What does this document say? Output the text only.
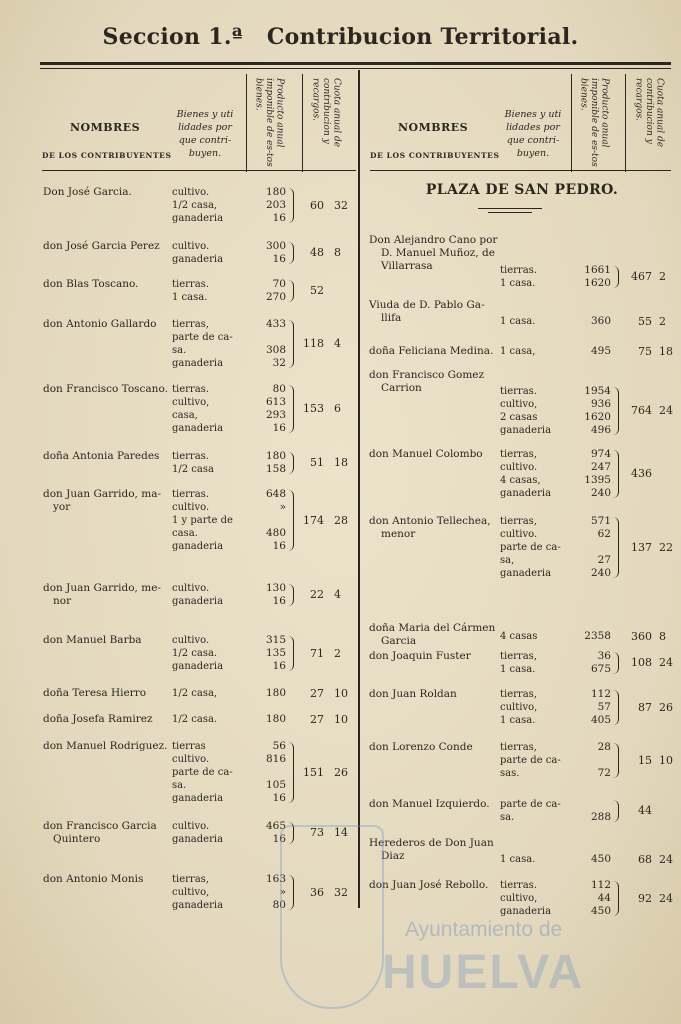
Seccion 1.ª Contribucion Territorial.
NOMBRES
DE LOS CONTRIBUYENTES
Bienes y uti
lidades por
que contri-
buyen.
Producto anual imponible de es-tos bienes.	Cuota anual de contribucion y recargos.
NOMBRES
DE LOS CONTRIBUYENTES
Bienes y uti
lidades por
que contri-
buyen.
Producto anual imponible de es-tos bienes.	Cuota anual de contribucion y recargos.
Don José Garcia.	cultivo.	180
1/2 casa,	203
ganaderia	16
60 32
don José Garcia Perez cultivo.	300
ganaderia	16	48 8
don Blas Toscano.	tierras.	70
1 casa.	270	52
don Antonio Gallardo tierras,	433
parte de ca-
sa.	308
ganaderia	32
118 4
don Francisco Toscano. tierras.	80
cultivo,	613
casa,	293
ganaderia	16
153 6
doña Antonia Paredes tierras.	180
1/2 casa	158	51 18
don Juan Garrido, ma-
yor
tierras.	648
cultivo.	»
1 y parte de
casa.	480
ganaderia	16
174 28
don Juan Garrido, me-
nor
cultivo.	130
ganaderia	16	22 4
don Manuel Barba	cultivo.	315
1/2 casa.	135
ganaderia	16
71 2
doña Teresa Hierro	1/2 casa,	180	27 10
doña Josefa Ramirez 1/2 casa.	180	27 10
don Manuel Rodriguez. tierras	56
cultivo.	816
parte de ca-
sa.	105
ganaderia	16
151 26
don Francisco Garcia
Quintero
cultivo.	465
ganaderia	16	73 14
don Antonio Monis	tierras,	163
cultivo,	»
ganaderia	80
36 32
Don Alejandro Cano por
D. Manuel Muñoz, de
Villarrasa	tierras.	1661
1 casa.	1620	467 2
Viuda de D. Pablo Ga-
llifa	1 casa.	360	55 2
doña Feliciana Medina. 1 casa,	495	75 18
don Francisco Gomez
Carrion	tierras.	1954
cultivo,	936
2 casas	1620
ganaderia	496
764 24
don Manuel Colombo tierras,	974
cultivo.	247
4 casas,	1395
ganaderia	240
436
don Antonio Tellechea,
menor
tierras,	571
cultivo.	62
parte de ca-
sa,	27
ganaderia	240
137 22
doña Maria del Cármen
Garcia	4 casas	2358	360 8
don Joaquin Fuster	tierras,	36
1 casa.	675	108 24
don Juan Roldan	tierras,	112
cultivo,	57
1 casa.	405
87 26
don Lorenzo Conde	tierras,	28
parte de ca-
sas.	72
15 10
don Manuel Izquierdo. parte de ca-
sa.	288	44
Herederos de Don Juan
Diaz	1 casa.	450	68 24
don Juan José Rebollo. tierras.	112
cultivo,	44
ganaderia	450
92 24
PLAZA DE SAN PEDRO.
Ayuntamiento de
HUELVA
